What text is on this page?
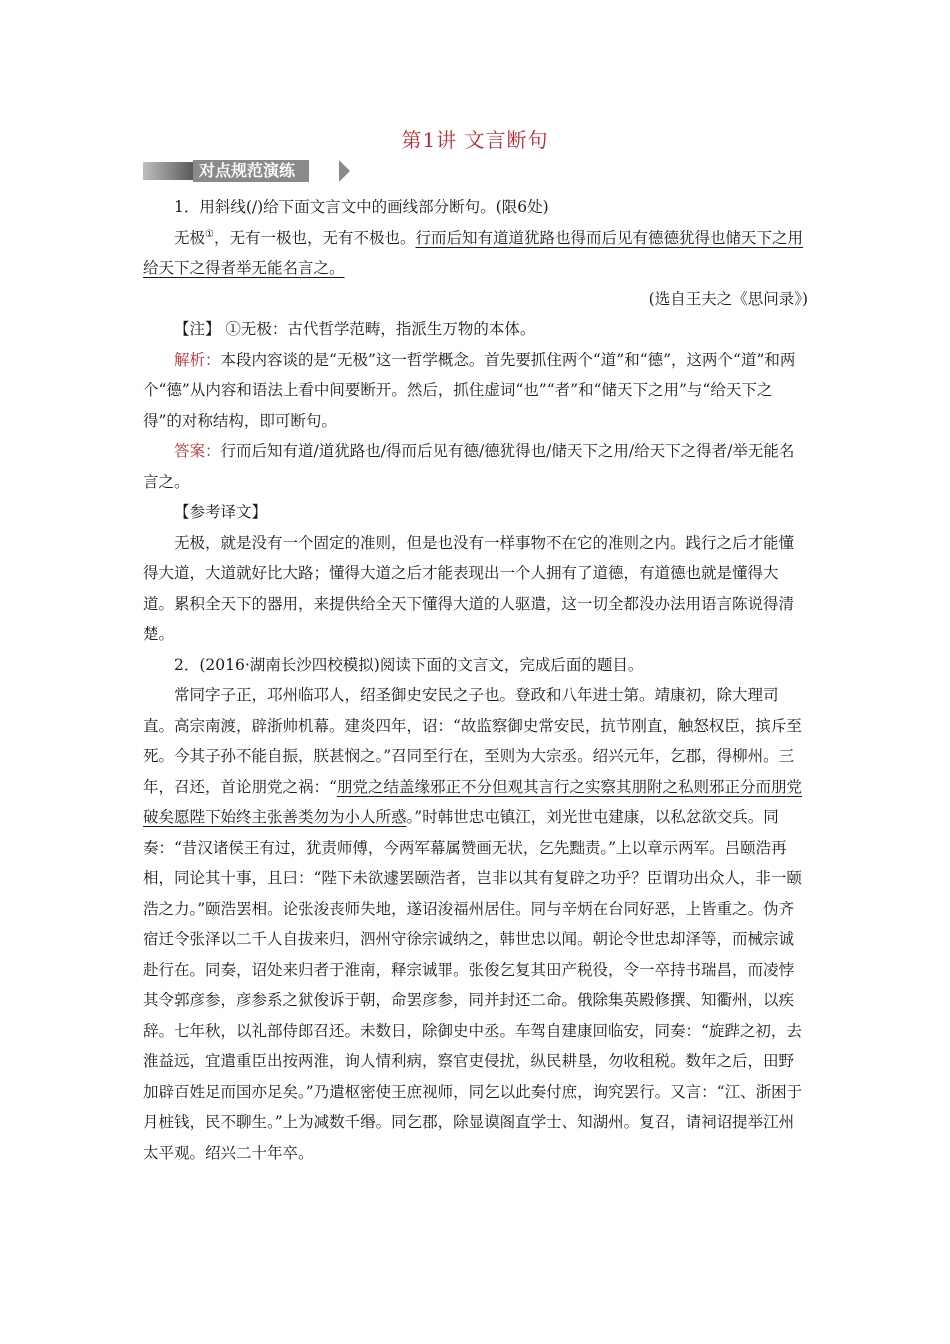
第1讲 文言断句
对点规范演练

1．用斜线(/)给下面文言文中的画线部分断句。(限6处)

无极①，无有一极也，无有不极也。行而后知有道道犹路也得而后见有德德犹得也储天下之用给天下之得者举无能名言之。

(选自王夫之《思问录》)

【注】 ①无极：古代哲学范畴，指派生万物的本体。

解析：本段内容谈的是“无极”这一哲学概念。首先要抓住两个“道”和“德”，这两个“道”和两个“德”从内容和语法上看中间要断开。然后，抓住虚词“也”“者”和“储天下之用”与“给天下之得”的对称结构，即可断句。

答案：行而后知有道/道犹路也/得而后见有德/德犹得也/储天下之用/给天下之得者/举无能名言之。

【参考译文】

无极，就是没有一个固定的准则，但是也没有一样事物不在它的准则之内。践行之后才能懂得大道，大道就好比大路；懂得大道之后才能表现出一个人拥有了道德，有道德也就是懂得大道。累积全天下的器用，来提供给全天下懂得大道的人驱遣，这一切全都没办法用语言陈说得清楚。

2．(2016·湖南长沙四校模拟)阅读下面的文言文，完成后面的题目。

常同字子正，邛州临邛人，绍圣御史安民之子也。登政和八年进士第。靖康初，除大理司直。高宗南渡，辟浙帅机幕。建炎四年，诏：“故监察御史常安民，抗节刚直，触怒权臣，摈斥至死。今其子孙不能自振，朕甚悯之。”召同至行在，至则为大宗丞。绍兴元年，乞郡，得柳州。三年，召还，首论朋党之祸：“朋党之结盖缘邪正不分但观其言行之实察其朋附之私则邪正分而朋党破矣愿陛下始终主张善类勿为小人所惑。”时韩世忠屯镇江，刘光世屯建康，以私忿欲交兵。同奏：“昔汉诸侯王有过，犹责师傅，今两军幕属赞画无状，乞先黜责。”上以章示两军。吕颐浩再相，同论其十事，且曰：“陛下未欲遽罢颐浩者，岂非以其有复辟之功乎？臣谓功出众人，非一颐浩之力。”颐浩罢相。论张浚丧师失地，遂诏浚福州居住。同与辛炳在台同好恶，上皆重之。伪齐宿迁令张泽以二千人自拔来归，泗州守徐宗诚纳之，韩世忠以闻。朝论令世忠却泽等，而械宗诚赴行在。同奏，诏处来归者于淮南，释宗诚罪。张俊乞复其田产税役，令一卒持书瑞昌，而凌悖其令郭彦参，彦参系之狱俊诉于朝，命罢彦参，同并封还二命。俄除集英殿修撰、知衢州，以疾辞。七年秋，以礼部侍郎召还。未数日，除御史中丞。车驾自建康回临安，同奏：“旋跸之初，去淮益远，宜遣重臣出按两淮，询人情利病，察官吏侵扰，纵民耕垦，勿收租税。数年之后，田野加辟百姓足而国亦足矣。”乃遣枢密使王庶视师，同乞以此奏付庶，询究罢行。又言：“江、浙困于月桩钱，民不聊生。”上为减数千缗。同乞郡，除显谟阁直学士、知湖州。复召，请祠诏提举江州太平观。绍兴二十年卒。
